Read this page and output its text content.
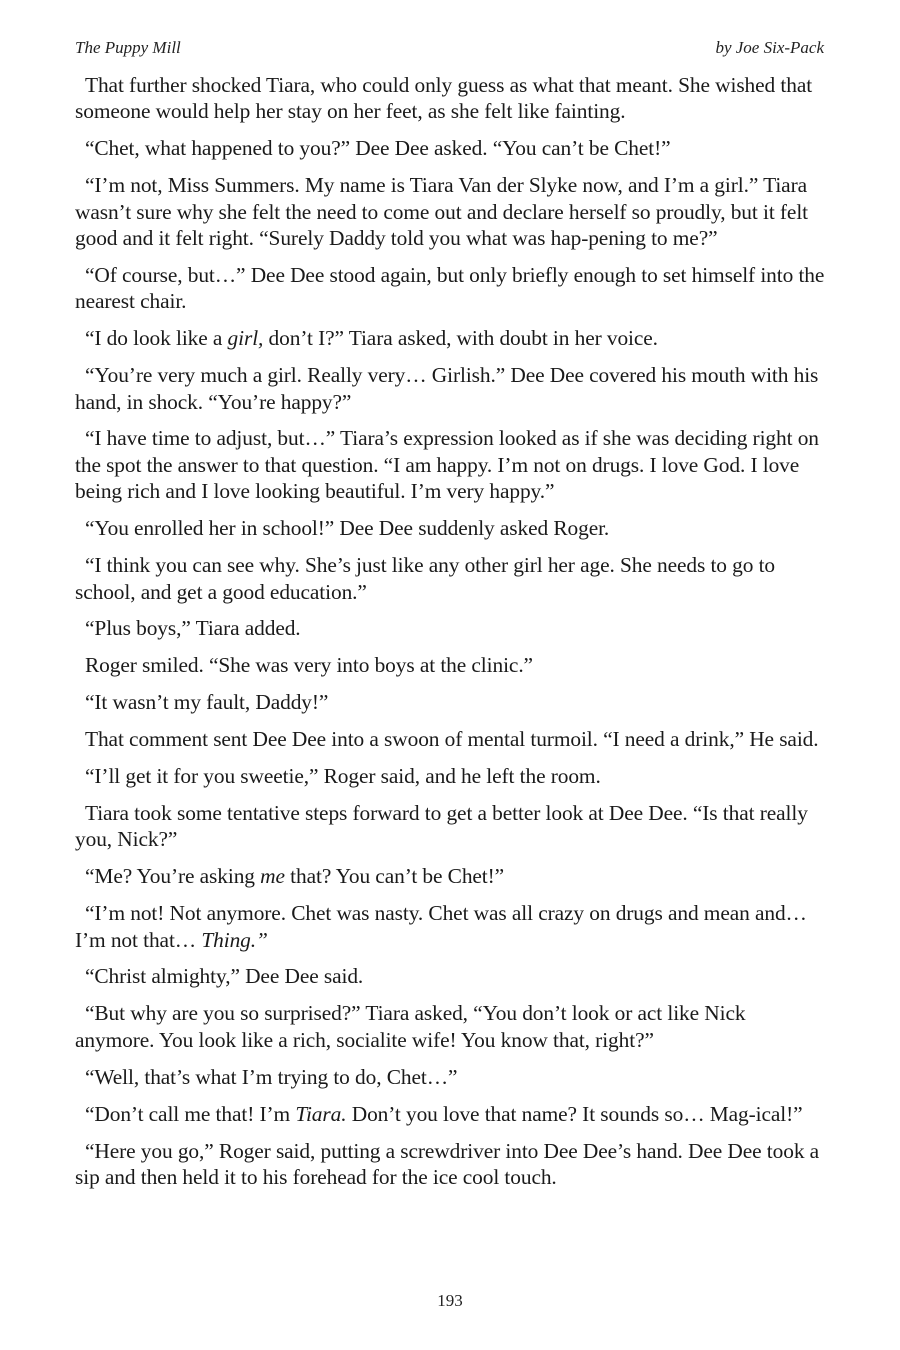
The Puppy Mill	by Joe Six-Pack

That further shocked Tiara, who could only guess as what that meant. She wished that someone would help her stay on her feet, as she felt like fainting.

“Chet, what happened to you?” Dee Dee asked. “You can’t be Chet!”

“I’m not, Miss Summers. My name is Tiara Van der Slyke now, and I’m a girl.” Tiara wasn’t sure why she felt the need to come out and declare herself so proudly, but it felt good and it felt right. “Surely Daddy told you what was hap-pening to me?”

“Of course, but…” Dee Dee stood again, but only briefly enough to set himself into the nearest chair.

“I do look like a girl, don’t I?” Tiara asked, with doubt in her voice.

“You’re very much a girl. Really very… Girlish.” Dee Dee covered his mouth with his hand, in shock. “You’re happy?”

“I have time to adjust, but…” Tiara’s expression looked as if she was deciding right on the spot the answer to that question. “I am happy. I’m not on drugs. I love God. I love being rich and I love looking beautiful. I’m very happy.”

“You enrolled her in school!” Dee Dee suddenly asked Roger.

“I think you can see why. She’s just like any other girl her age. She needs to go to school, and get a good education.”

“Plus boys,” Tiara added.

Roger smiled. “She was very into boys at the clinic.”

“It wasn’t my fault, Daddy!”

That comment sent Dee Dee into a swoon of mental turmoil. “I need a drink,” He said.

“I’ll get it for you sweetie,” Roger said, and he left the room.

Tiara took some tentative steps forward to get a better look at Dee Dee. “Is that really you, Nick?”

“Me? You’re asking me that? You can’t be Chet!”

“I’m not! Not anymore. Chet was nasty. Chet was all crazy on drugs and mean and… I’m not that… Thing.”

“Christ almighty,” Dee Dee said.

“But why are you so surprised?” Tiara asked, “You don’t look or act like Nick anymore. You look like a rich, socialite wife! You know that, right?”

“Well, that’s what I’m trying to do, Chet…”

“Don’t call me that! I’m Tiara. Don’t you love that name? It sounds so… Mag-ical!”

“Here you go,” Roger said, putting a screwdriver into Dee Dee’s hand. Dee Dee took a sip and then held it to his forehead for the ice cool touch.

193
